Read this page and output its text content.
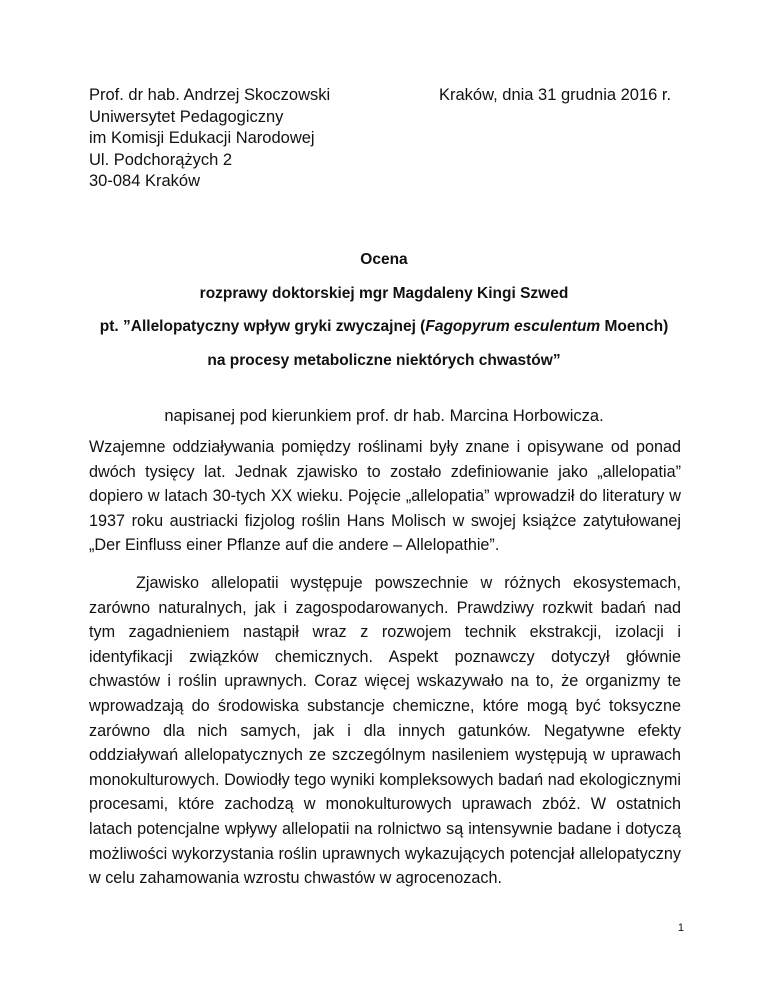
Prof. dr hab. Andrzej Skoczowski
Uniwersytet Pedagogiczny
im Komisji Edukacji Narodowej
Ul. Podchorążych 2
30-084 Kraków
Kraków, dnia 31 grudnia 2016 r.
Ocena
rozprawy doktorskiej mgr Magdaleny Kingi Szwed
pt. ”Allelopatyczny wpływ gryki zwyczajnej (Fagopyrum esculentum Moench)
na procesy metaboliczne niektórych chwastów”
napisanej pod kierunkiem prof. dr hab. Marcina Horbowicza.

Wzajemne oddziaływania pomiędzy roślinami były znane i opisywane od ponad dwóch tysięcy lat. Jednak zjawisko to zostało zdefiniowanie jako „allelopatia” dopiero w latach 30-tych XX wieku. Pojęcie „allelopatia” wprowadził do literatury w 1937 roku austriacki fizjolog roślin Hans Molisch w swojej książce zatytułowanej „Der Einfluss einer Pflanze auf die andere – Allelopathie”.

Zjawisko allelopatii występuje powszechnie w różnych ekosystemach, zarówno naturalnych, jak i zagospodarowanych. Prawdziwy rozkwit badań nad tym zagadnieniem nastąpił wraz z rozwojem technik ekstrakcji, izolacji i identyfikacji związków chemicznych. Aspekt poznawczy dotyczył głównie chwastów i roślin uprawnych. Coraz więcej wskazywało na to, że organizmy te wprowadzają do środowiska substancje chemiczne, które mogą być toksyczne zarówno dla nich samych, jak i dla innych gatunków. Negatywne efekty oddziaływań allelopatycznych ze szczególnym nasileniem występują w uprawach monokulturowych. Dowiodły tego wyniki kompleksowych badań nad ekologicznymi procesami, które zachodzą w monokulturowych uprawach zbóż. W ostatnich latach potencjalne wpływy allelopatii na rolnictwo są intensywnie badane i dotyczą możliwości wykorzystania roślin uprawnych wykazujących potencjał allelopatyczny w celu zahamowania wzrostu chwastów w agrocenozach.

1
